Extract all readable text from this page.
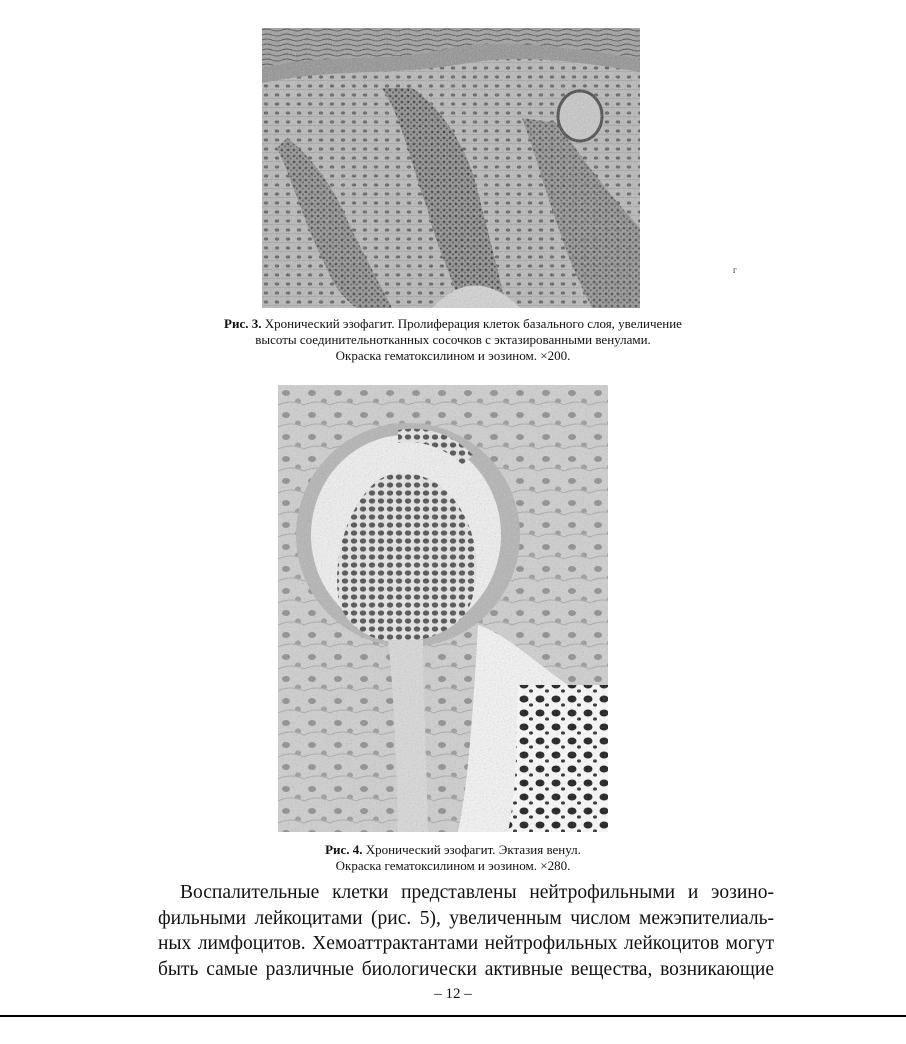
Рис. 3. Хронический эзофагит. Пролиферация клеток базального слоя, увеличение
высоты соединительнотканных сосочков с эктазированными венулами.
Окраска гематоксилином и эозином. ×200.
г
Рис. 4. Хронический эзофагит. Эктазия венул.
Окраска гематоксилином и эозином. ×280.
Воспалительные клетки представлены нейтрофильными и эозино-
фильными лейкоцитами (рис. 5), увеличенным числом межэпителиаль-
ных лимфоцитов. Хемоаттрактантами нейтрофильных лейкоцитов могут
быть самые различные биологически активные вещества, возникающие
– 12 –
